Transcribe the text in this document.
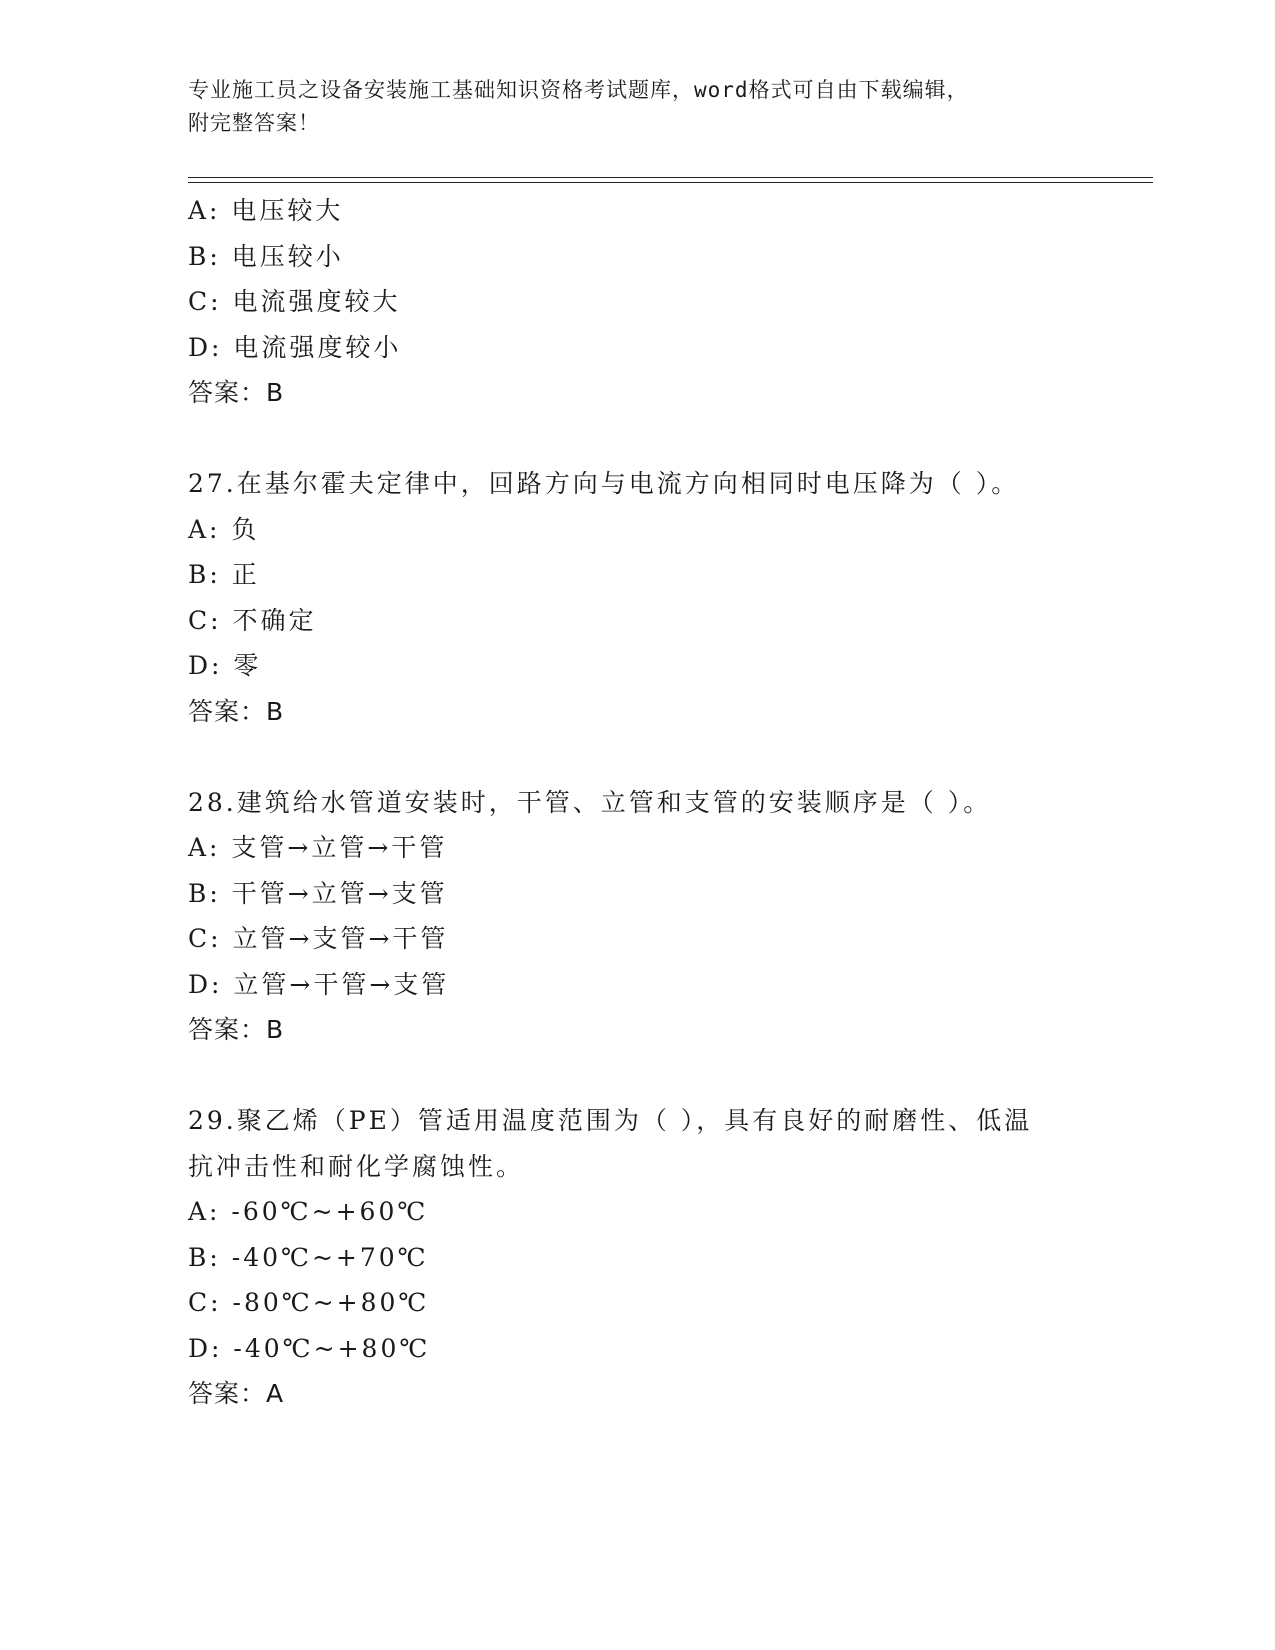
专业施工员之设备安装施工基础知识资格考试题库，word格式可自由下载编辑，
附完整答案！
A: 电压较大
B: 电压较小
C: 电流强度较大
D: 电流强度较小
答案：B
27.在基尔霍夫定律中，回路方向与电流方向相同时电压降为（ ）。
A: 负
B: 正
C: 不确定
D: 零
答案：B
28.建筑给水管道安装时，干管、立管和支管的安装顺序是（ ）。
A: 支管→立管→干管
B: 干管→立管→支管
C: 立管→支管→干管
D: 立管→干管→支管
答案：B
29.聚乙烯（PE）管适用温度范围为（ ），具有良好的耐磨性、低温
抗冲击性和耐化学腐蚀性。
A: -60℃~+60℃
B: -40℃~+70℃
C: -80℃~+80℃
D: -40℃~+80℃
答案：A
